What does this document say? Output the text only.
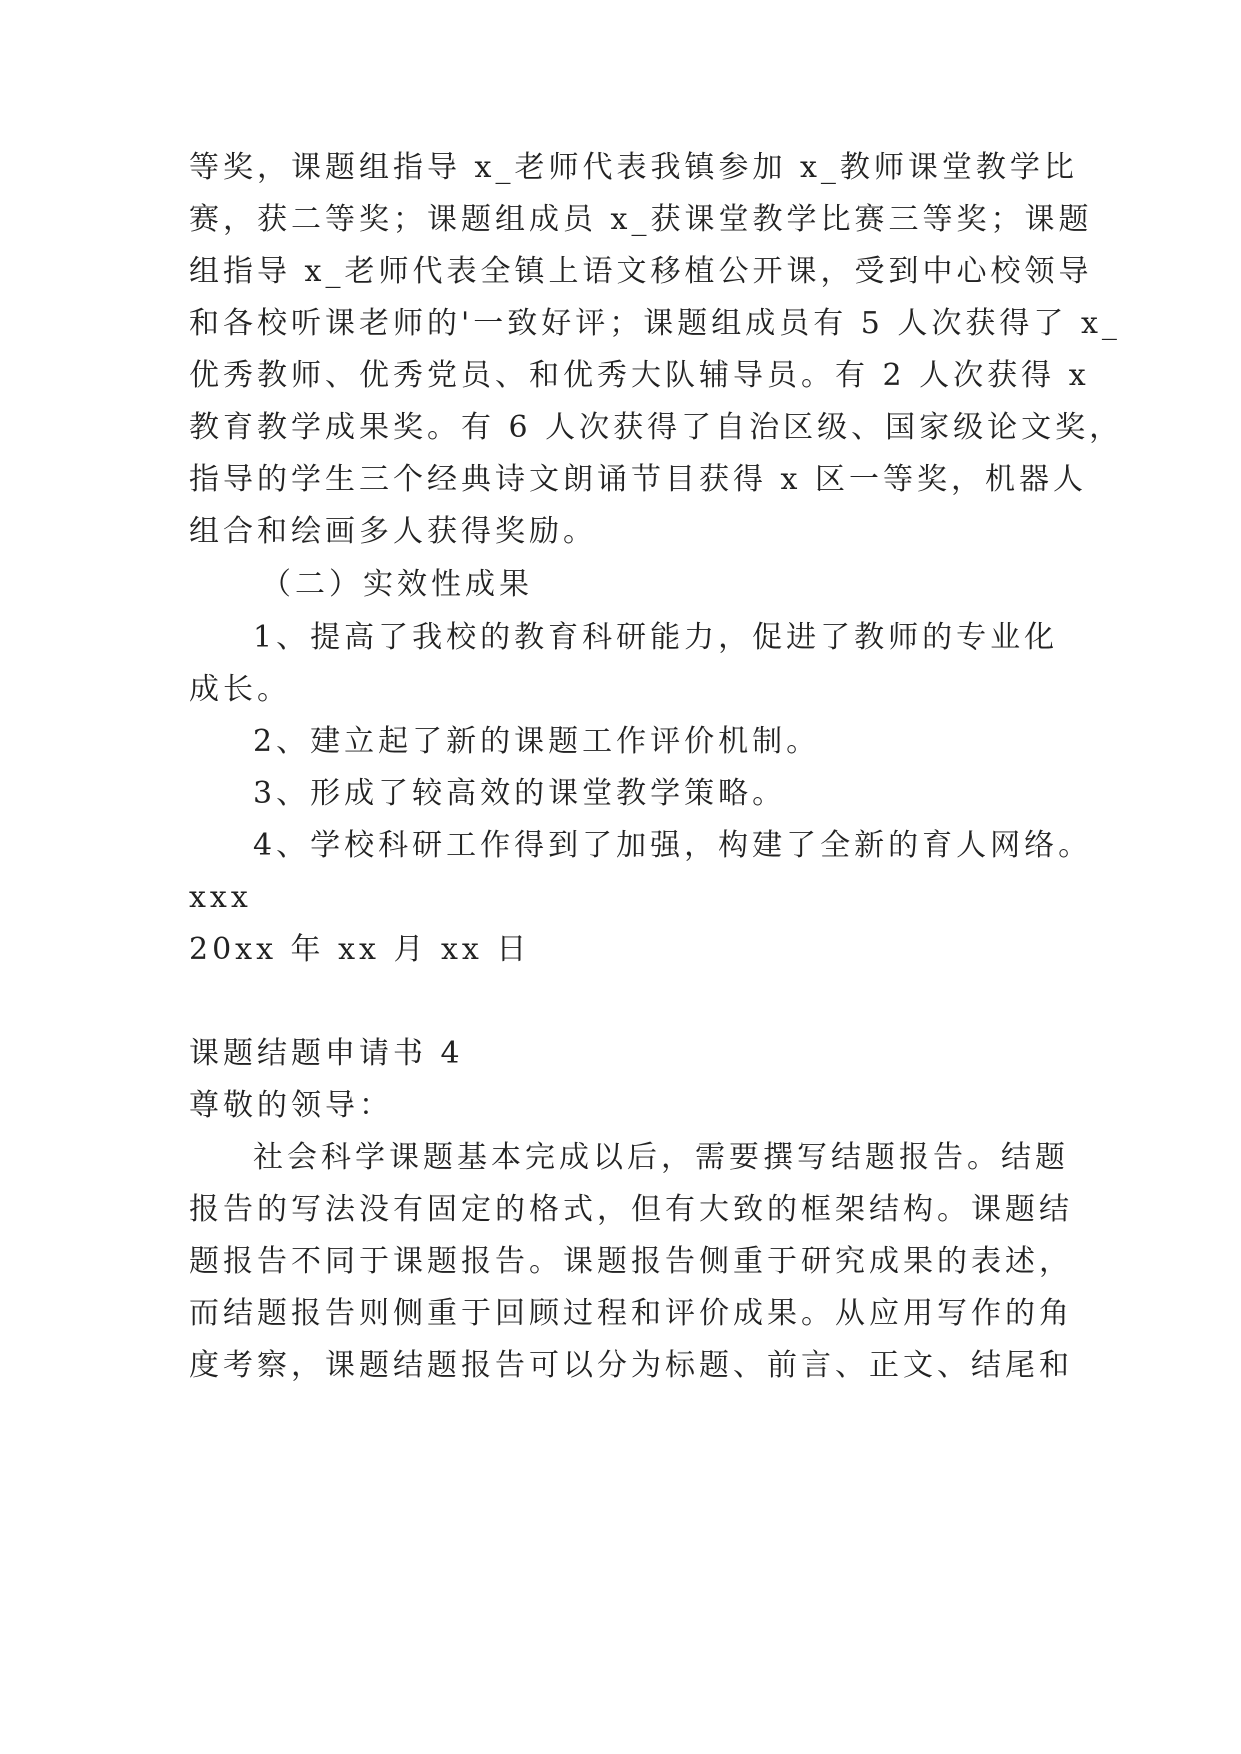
等奖，课题组指导 x_老师代表我镇参加 x_教师课堂教学比
赛，获二等奖；课题组成员 x_获课堂教学比赛三等奖；课题
组指导 x_老师代表全镇上语文移植公开课，受到中心校领导
和各校听课老师的'一致好评；课题组成员有 5 人次获得了 x_
优秀教师、优秀党员、和优秀大队辅导员。有 2 人次获得 x
教育教学成果奖。有 6 人次获得了自治区级、国家级论文奖，
指导的学生三个经典诗文朗诵节目获得 x 区一等奖，机器人
组合和绘画多人获得奖励。
（二）实效性成果
1、提高了我校的教育科研能力，促进了教师的专业化
成长。
2、建立起了新的课题工作评价机制。
3、形成了较高效的课堂教学策略。
4、学校科研工作得到了加强，构建了全新的育人网络。
xxx
20xx 年 xx 月 xx 日
课题结题申请书 4
尊敬的领导：
社会科学课题基本完成以后，需要撰写结题报告。结题
报告的写法没有固定的格式，但有大致的框架结构。课题结
题报告不同于课题报告。课题报告侧重于研究成果的表述，
而结题报告则侧重于回顾过程和评价成果。从应用写作的角
度考察，课题结题报告可以分为标题、前言、正文、结尾和
